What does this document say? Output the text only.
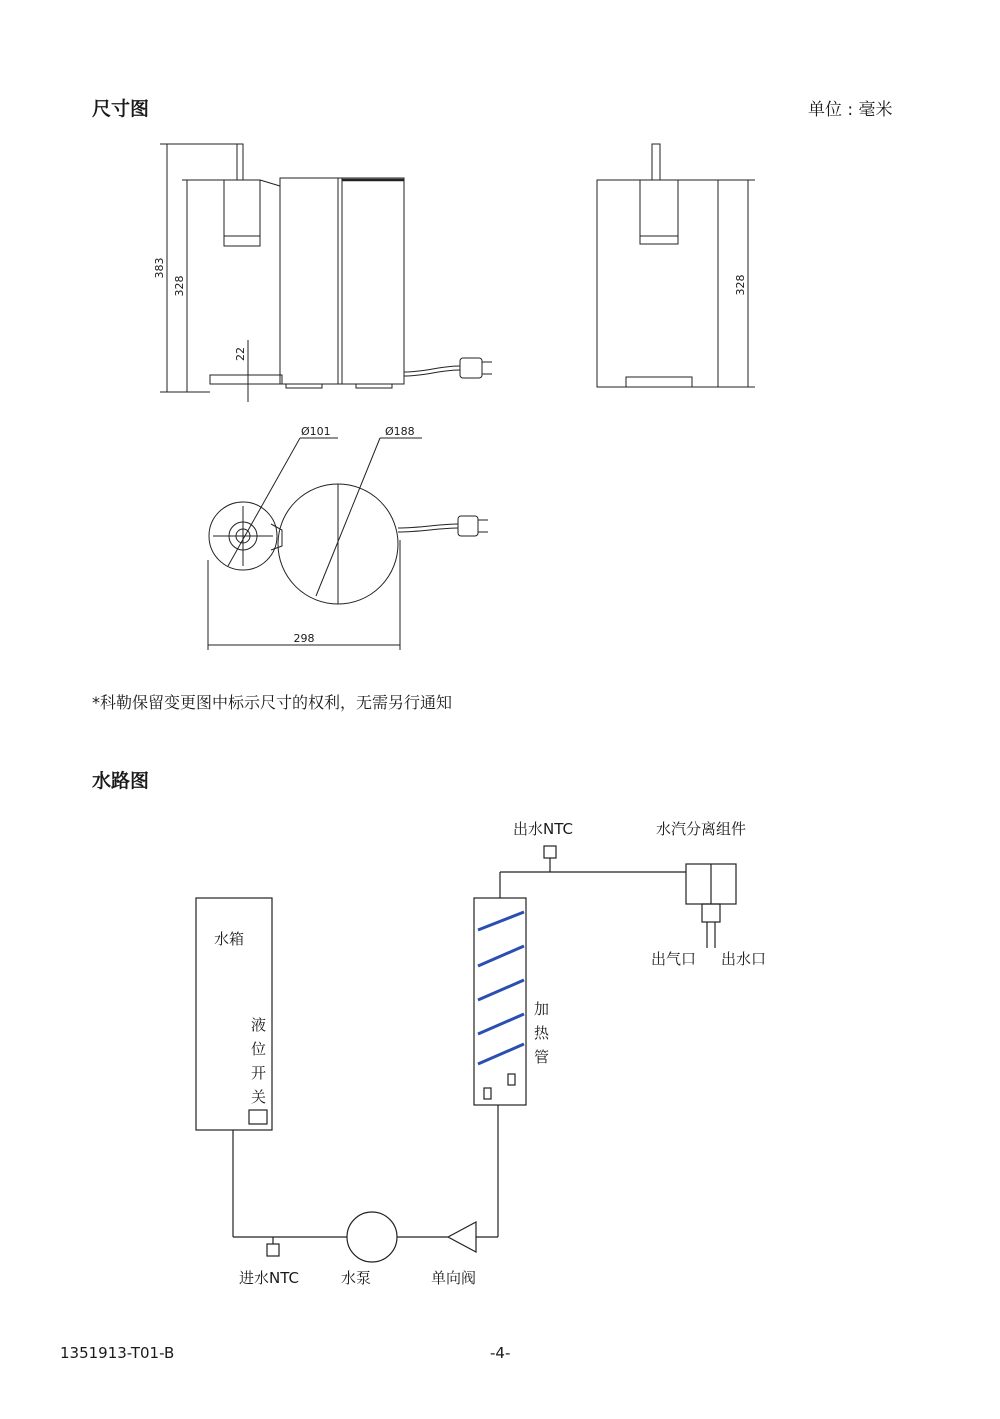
尺寸图	单位 : 毫米
383
328
22
328
Ø101	Ø188
298
*科勒保留变更图中标示尺寸的权利，无需另行通知
水路图
出水NTC	水汽分离组件
水箱
液
位
开
关
加
热
管
出气口 出水口
进水NTC	水泵	单向阀
1351913-T01-B	-4-
